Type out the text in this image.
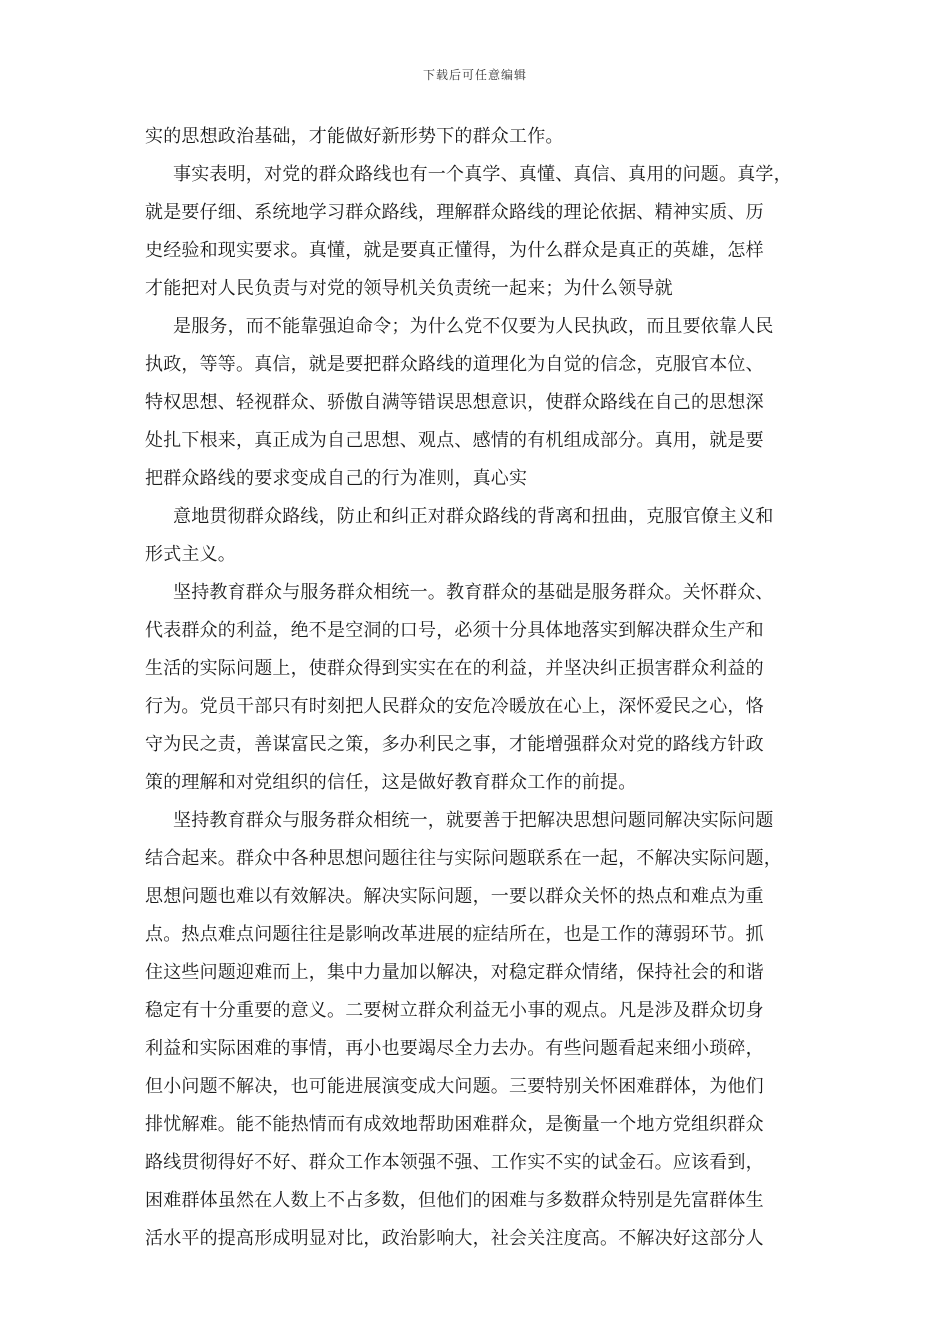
下载后可任意编辑
实的思想政治基础，才能做好新形势下的群众工作。
事实表明，对党的群众路线也有一个真学、真懂、真信、真用的问题。真学，
就是要仔细、系统地学习群众路线，理解群众路线的理论依据、精神实质、历
史经验和现实要求。真懂，就是要真正懂得，为什么群众是真正的英雄，怎样
才能把对人民负责与对党的领导机关负责统一起来；为什么领导就
是服务，而不能靠强迫命令；为什么党不仅要为人民执政，而且要依靠人民
执政，等等。真信，就是要把群众路线的道理化为自觉的信念，克服官本位、
特权思想、轻视群众、骄傲自满等错误思想意识，使群众路线在自己的思想深
处扎下根来，真正成为自己思想、观点、感情的有机组成部分。真用，就是要
把群众路线的要求变成自己的行为准则，真心实
意地贯彻群众路线，防止和纠正对群众路线的背离和扭曲，克服官僚主义和
形式主义。
坚持教育群众与服务群众相统一。教育群众的基础是服务群众。关怀群众、
代表群众的利益，绝不是空洞的口号，必须十分具体地落实到解决群众生产和
生活的实际问题上，使群众得到实实在在的利益，并坚决纠正损害群众利益的
行为。党员干部只有时刻把人民群众的安危冷暖放在心上，深怀爱民之心，恪
守为民之责，善谋富民之策，多办利民之事，才能增强群众对党的路线方针政
策的理解和对党组织的信任，这是做好教育群众工作的前提。
坚持教育群众与服务群众相统一，就要善于把解决思想问题同解决实际问题
结合起来。群众中各种思想问题往往与实际问题联系在一起，不解决实际问题，
思想问题也难以有效解决。解决实际问题，一要以群众关怀的热点和难点为重
点。热点难点问题往往是影响改革进展的症结所在，也是工作的薄弱环节。抓
住这些问题迎难而上，集中力量加以解决，对稳定群众情绪，保持社会的和谐
稳定有十分重要的意义。二要树立群众利益无小事的观点。凡是涉及群众切身
利益和实际困难的事情，再小也要竭尽全力去办。有些问题看起来细小琐碎，
但小问题不解决，也可能进展演变成大问题。三要特别关怀困难群体，为他们
排忧解难。能不能热情而有成效地帮助困难群众，是衡量一个地方党组织群众
路线贯彻得好不好、群众工作本领强不强、工作实不实的试金石。应该看到，
困难群体虽然在人数上不占多数，但他们的困难与多数群众特别是先富群体生
活水平的提高形成明显对比，政治影响大，社会关注度高。不解决好这部分人
